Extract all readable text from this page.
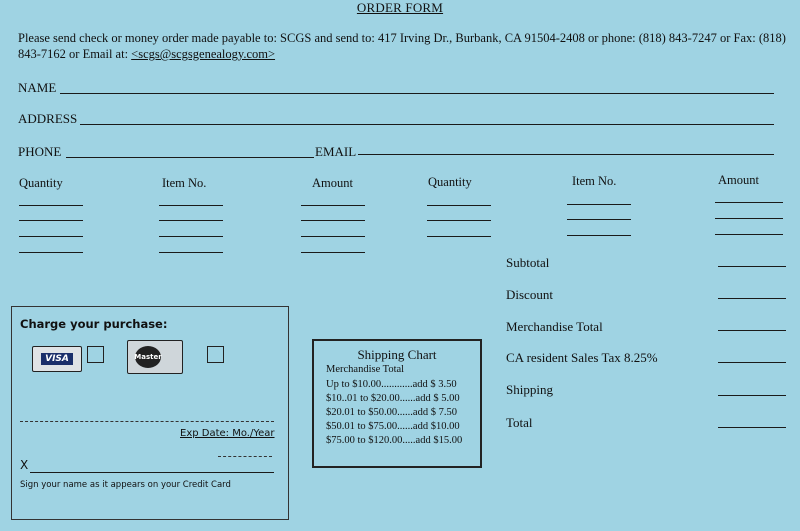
ORDER FORM
Please send check or money order made payable to: SCGS and send to: 417 Irving Dr., Burbank, CA 91504-2408 or phone: (818) 843-7247 or Fax: (818) 843-7162 or Email at: <scgs@scgsgenealogy.com>
NAME
ADDRESS
PHONE	EMAIL
Quantity	Item No.	Amount	Quantity	Item No.	Amount
Subtotal
Discount
Merchandise Total
CA resident Sales Tax 8.25%
Shipping
Total
Charge your purchase:
VISA	Master
Exp Date: Mo./Year
X
Sign your name as it appears on your Credit Card
Shipping Chart
Merchandise Total
Up to $10.00............ add $ 3.50
$10..01 to $20.00...... add $ 5.00
$20.01 to $50.00...... add $ 7.50
$50.01 to $75.00...... add $10.00
$75.00 to $120.00..... add $15.00
